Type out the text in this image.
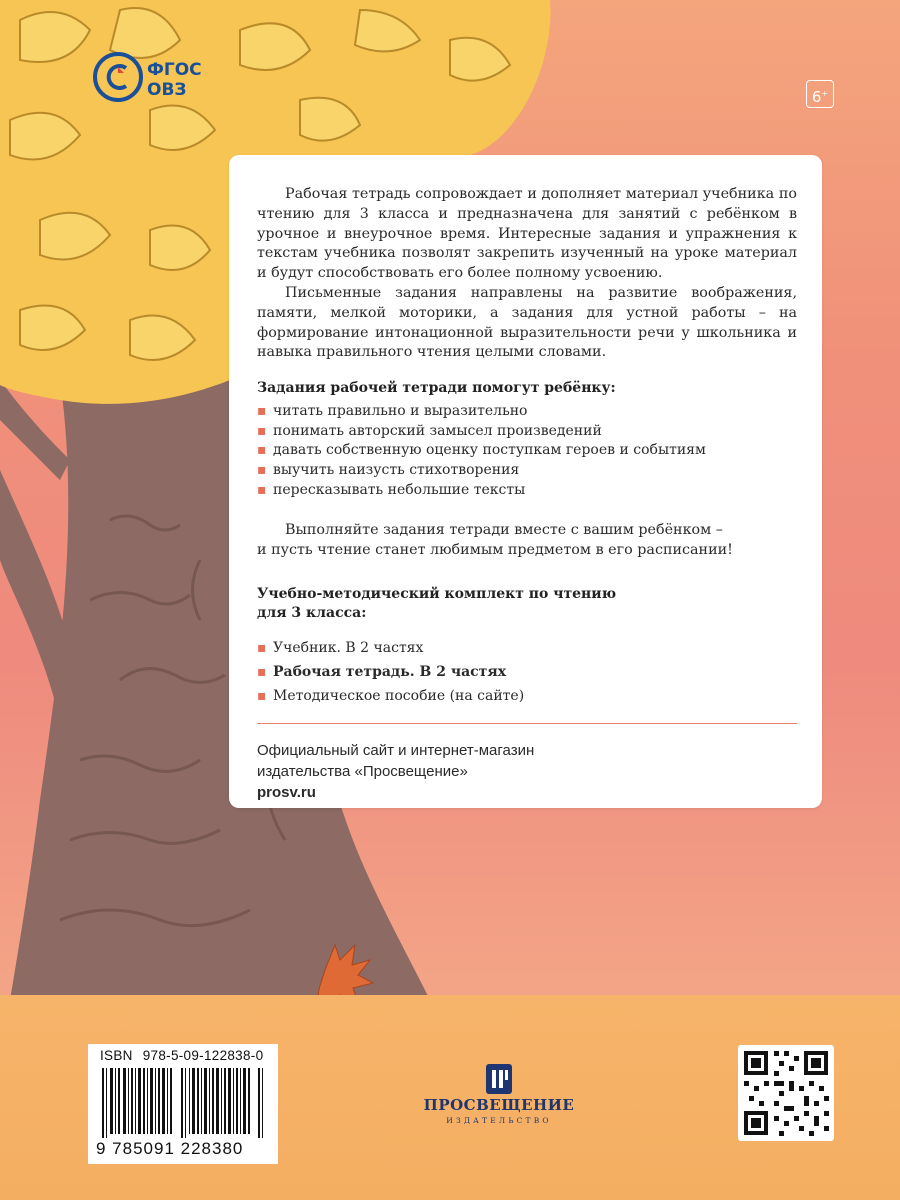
ФГОС
ОВЗ	6+

Рабочая тетрадь сопровождает и дополняет материал учебника по чтению для 3 класса и предназначена для занятий с ребёнком в урочное и внеурочное время. Интересные задания и упражнения к текстам учебника позволят закрепить изученный на уроке материал и будут способствовать его более полному усвоению.

Письменные задания направлены на развитие воображения, памяти, мелкой моторики, а задания для устной работы – на формирование интонационной выразительности речи у школьника и навыка правильного чтения целыми словами.

Задания рабочей тетради помогут ребёнку:
▪ читать правильно и выразительно
▪ понимать авторский замысел произведений
▪ давать собственную оценку поступкам героев и событиям
▪ выучить наизусть стихотворения
▪ пересказывать небольшие тексты
Выполняйте задания тетради вместе с вашим ребёнком –
и пусть чтение станет любимым предметом в его расписании!
Учебно-методический комплект по чтению
для 3 класса:
▪ Учебник. В 2 частях
▪ Рабочая тетрадь. В 2 частях
▪ Методическое пособие (на сайте)
Официальный сайт и интернет-магазин
издательства «Просвещение»
prosv.ru
ISBN 978-5-09-122838-0
9 785091 228380
ПРОСВЕЩЕНИЕ
ИЗДАТЕЛЬСТВО
